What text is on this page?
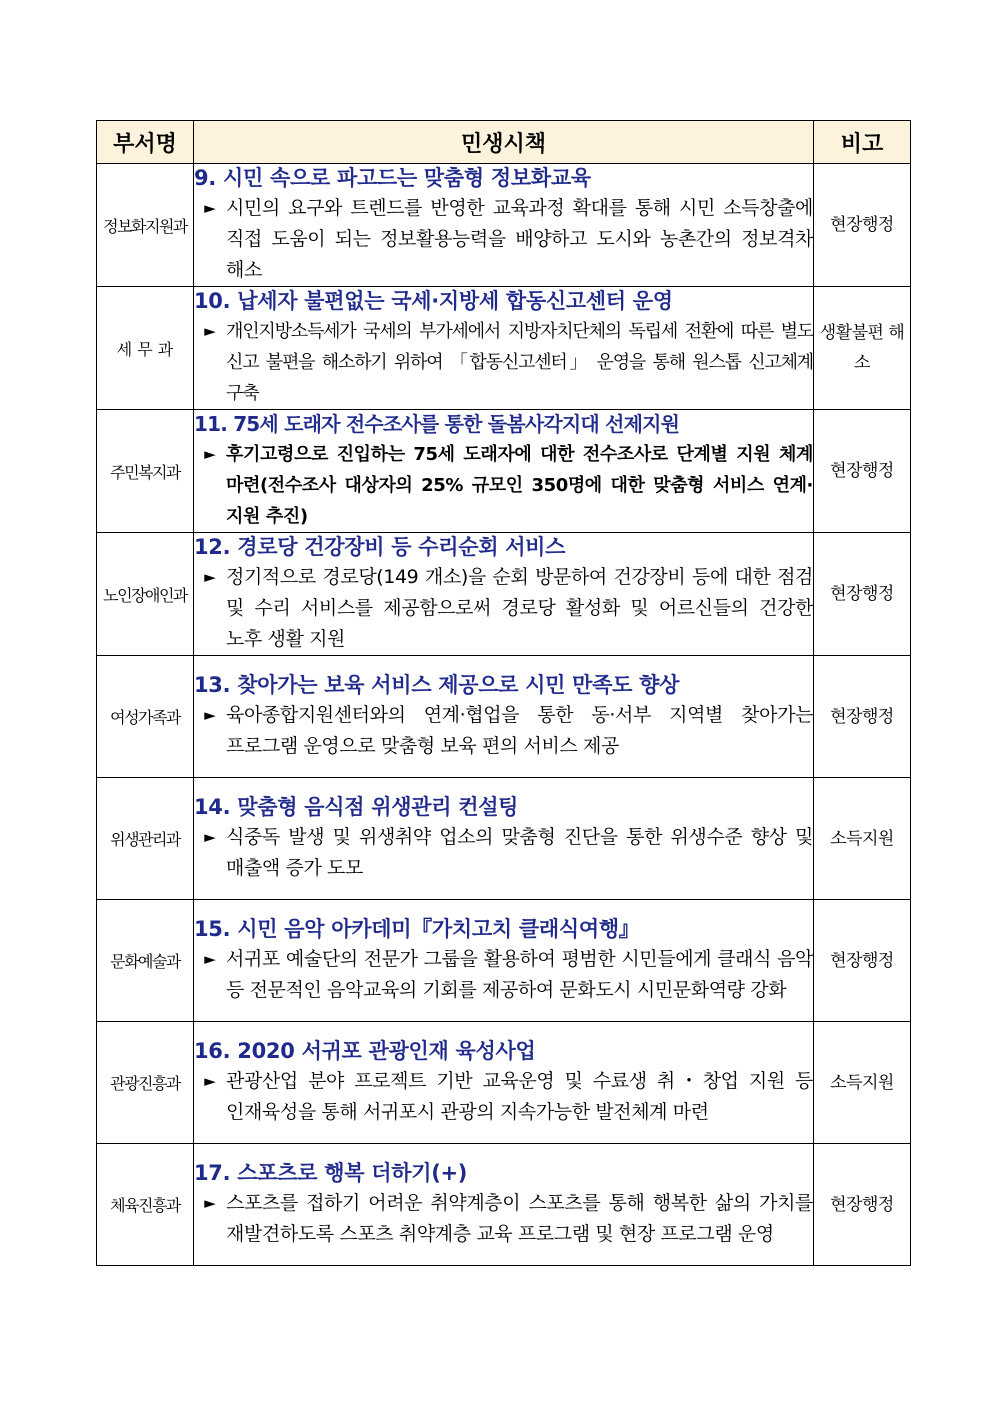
부서명	민생시책	비고
정보화지원과	9. 시민 속으로 파고드는 맞춤형 정보화교육
► 시민의 요구와 트렌드를 반영한 교육과정 확대를 통해 시민 소득창출에 직접 도움이 되는 정보활용능력을 배양하고 도시와 농촌간의 정보격차 해소	현장행정
세 무 과	10. 납세자 불편없는 국세·지방세 합동신고센터 운영
► 개인지방소득세가 국세의 부가세에서 지방자치단체의 독립세 전환에 따른 별도 신고 불편을 해소하기 위하여 「합동신고센터」 운영을 통해 원스톱 신고체계 구축	생활불편 해소
주민복지과	11. 75세 도래자 전수조사를 통한 돌봄사각지대 선제지원
► 후기고령으로 진입하는 75세 도래자에 대한 전수조사로 단계별 지원 체계 마련(전수조사 대상자의 25% 규모인 350명에 대한 맞춤형 서비스 연계·지원 추진)	현장행정
노인장애인과	12. 경로당 건강장비 등 수리순회 서비스
► 정기적으로 경로당(149 개소)을 순회 방문하여 건강장비 등에 대한 점검 및 수리 서비스를 제공함으로써 경로당 활성화 및 어르신들의 건강한 노후 생활 지원	현장행정
여성가족과	13. 찾아가는 보육 서비스 제공으로 시민 만족도 향상
► 육아종합지원센터와의 연계·협업을 통한 동·서부 지역별 찾아가는 프로그램 운영으로 맞춤형 보육 편의 서비스 제공	현장행정
위생관리과	14. 맞춤형 음식점 위생관리 컨설팅
► 식중독 발생 및 위생취약 업소의 맞춤형 진단을 통한 위생수준 향상 및 매출액 증가 도모	소득지원
문화예술과	15. 시민 음악 아카데미『가치고치 클래식여행』
► 서귀포 예술단의 전문가 그룹을 활용하여 평범한 시민들에게 클래식 음악 등 전문적인 음악교육의 기회를 제공하여 문화도시 시민문화역량 강화	현장행정
관광진흥과	16. 2020 서귀포 관광인재 육성사업
► 관광산업 분야 프로젝트 기반 교육운영 및 수료생 취・창업 지원 등 인재육성을 통해 서귀포시 관광의 지속가능한 발전체계 마련	소득지원
체육진흥과	17. 스포츠로 행복 더하기(+)
► 스포츠를 접하기 어려운 취약계층이 스포츠를 통해 행복한 삶의 가치를 재발견하도록 스포츠 취약계층 교육 프로그램 및 현장 프로그램 운영	현장행정
